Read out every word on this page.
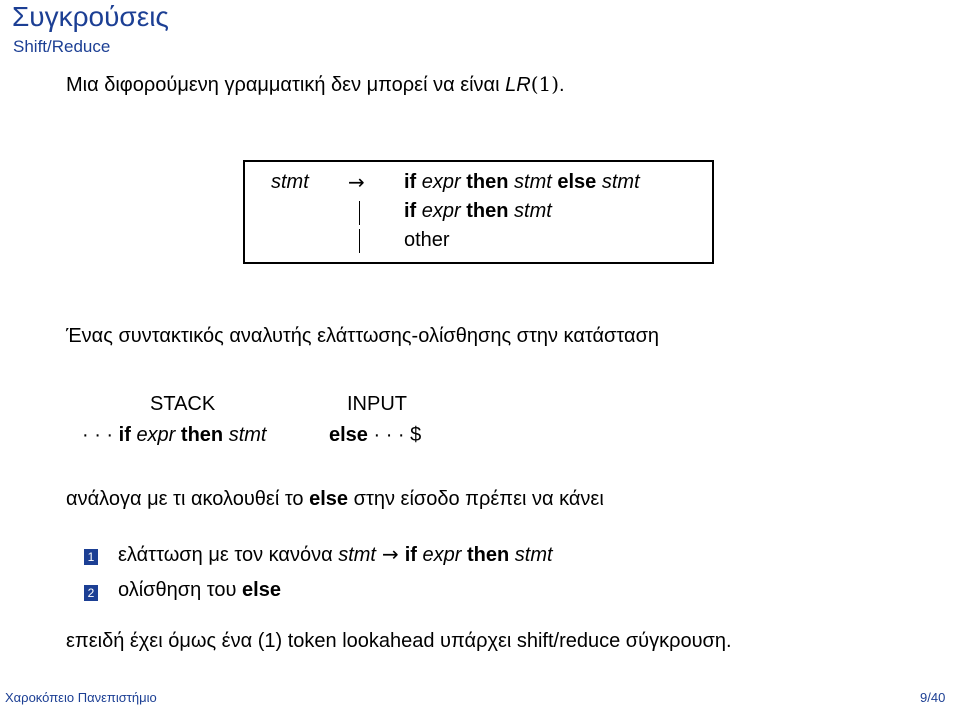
Συγκρούσεις
Shift/Reduce
Μια διφορούμενη γραμματική δεν μπορεί να είναι LR(1).
stmt → if expr then stmt else stmt
if expr then stmt
other
Ένας συντακτικός αναλυτής ελάττωσης-ολίσθησης στην κατάσταση
STACK	INPUT
· · · if expr then stmt	else · · · $
ανάλογα με τι ακολουθεί το else στην είσοδο πρέπει να κάνει
1 ελάττωση με τον κανόνα stmt → if expr then stmt
2 ολίσθηση του else
επειδή έχει όμως ένα (1) token lookahead υπάρχει shift/reduce σύγκρουση.
Χαροκόπειο Πανεπιστήμιο	9/40
